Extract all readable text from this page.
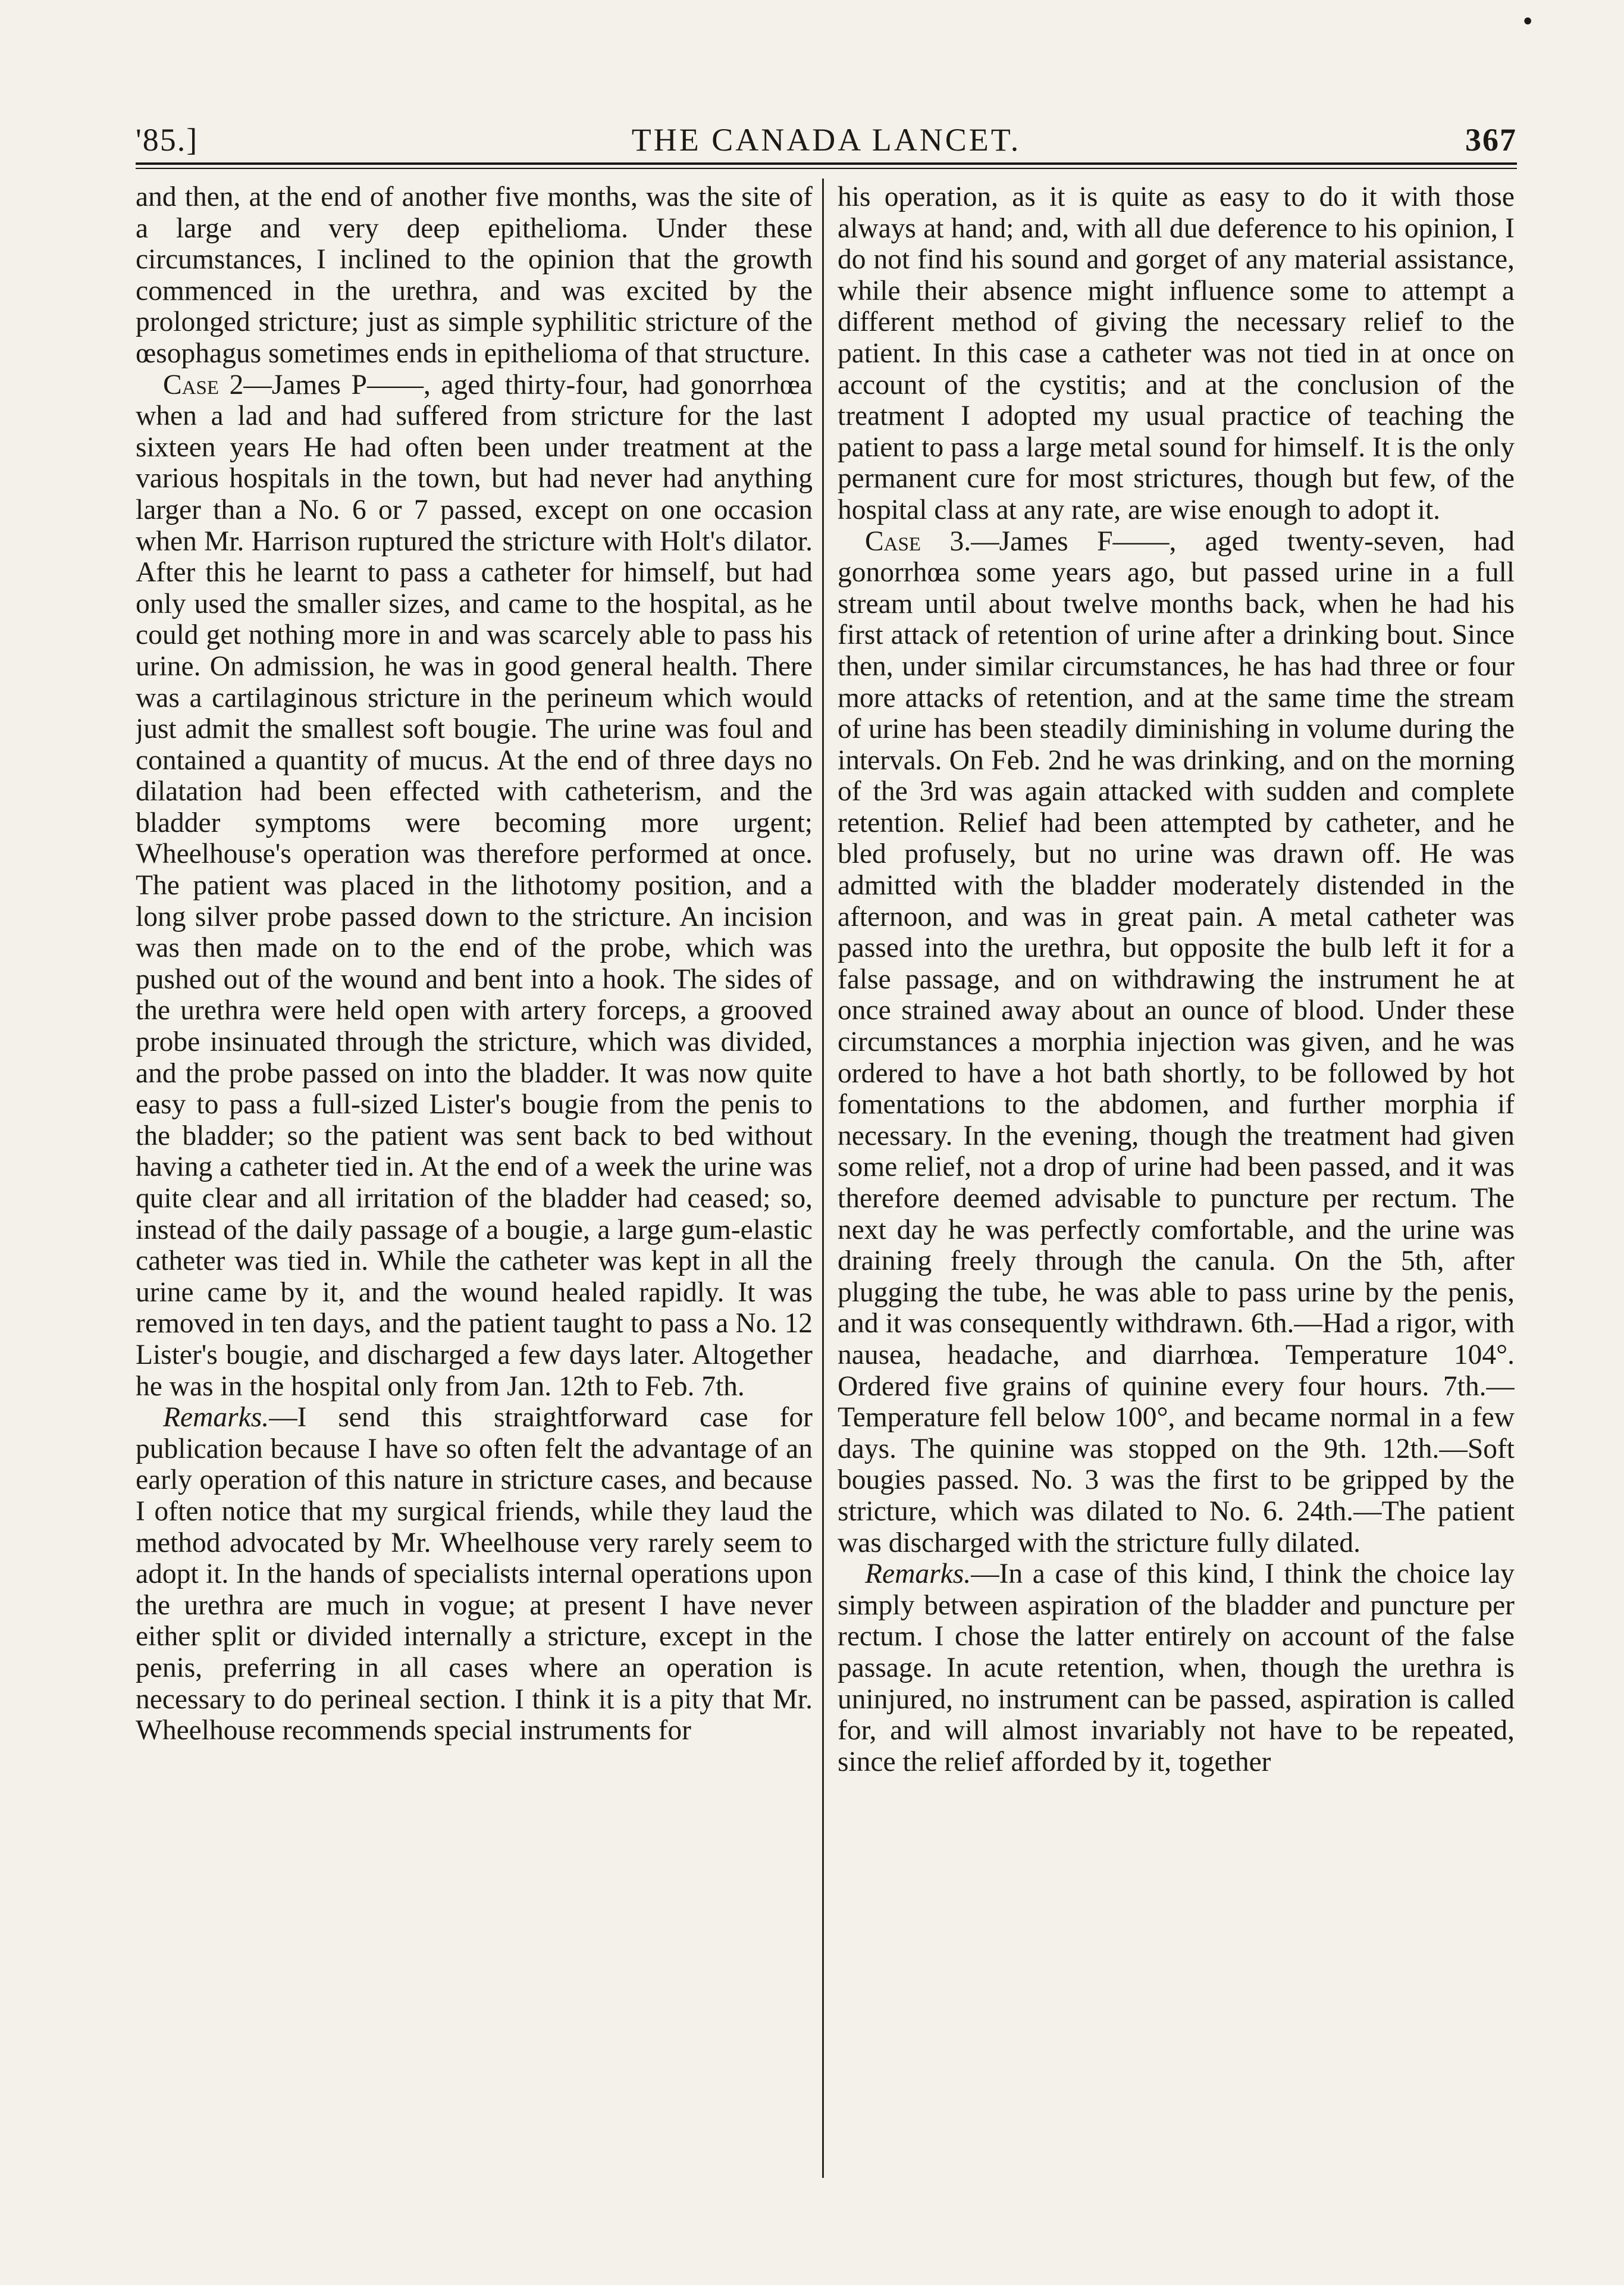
•
'85.]	THE CANADA LANCET.	367

and then, at the end of another five months, was the site of a large and very deep epithelioma. Under these circumstances, I inclined to the opinion that the growth commenced in the urethra, and was excited by the prolonged stricture; just as simple syphilitic stricture of the œsophagus sometimes ends in epithelioma of that structure.

Case 2—James P——, aged thirty-four, had gonorrhœa when a lad and had suffered from stricture for the last sixteen years He had often been under treatment at the various hospitals in the town, but had never had anything larger than a No. 6 or 7 passed, except on one occasion when Mr. Harrison ruptured the stricture with Holt's dilator. After this he learnt to pass a catheter for himself, but had only used the smaller sizes, and came to the hospital, as he could get nothing more in and was scarcely able to pass his urine. On admission, he was in good general health. There was a cartilaginous stricture in the perineum which would just admit the smallest soft bougie. The urine was foul and contained a quantity of mucus. At the end of three days no dilatation had been effected with catheterism, and the bladder symptoms were becoming more urgent; Wheelhouse's operation was therefore performed at once. The patient was placed in the lithotomy position, and a long silver probe passed down to the stricture. An incision was then made on to the end of the probe, which was pushed out of the wound and bent into a hook. The sides of the urethra were held open with artery forceps, a grooved probe insinuated through the stricture, which was divided, and the probe passed on into the bladder. It was now quite easy to pass a full-sized Lister's bougie from the penis to the bladder; so the patient was sent back to bed without having a catheter tied in. At the end of a week the urine was quite clear and all irritation of the bladder had ceased; so, instead of the daily passage of a bougie, a large gum-elastic catheter was tied in. While the catheter was kept in all the urine came by it, and the wound healed rapidly. It was removed in ten days, and the patient taught to pass a No. 12 Lister's bougie, and discharged a few days later. Altogether he was in the hospital only from Jan. 12th to Feb. 7th.

Remarks.—I send this straightforward case for publication because I have so often felt the advantage of an early operation of this nature in stricture cases, and because I often notice that my surgical friends, while they laud the method advocated by Mr. Wheelhouse very rarely seem to adopt it. In the hands of specialists internal operations upon the urethra are much in vogue; at present I have never either split or divided internally a stricture, except in the penis, preferring in all cases where an operation is necessary to do perineal section. I think it is a pity that Mr. Wheelhouse recommends special instruments for

his operation, as it is quite as easy to do it with those always at hand; and, with all due deference to his opinion, I do not find his sound and gorget of any material assistance, while their absence might influence some to attempt a different method of giving the necessary relief to the patient. In this case a catheter was not tied in at once on account of the cystitis; and at the conclusion of the treatment I adopted my usual practice of teaching the patient to pass a large metal sound for himself. It is the only permanent cure for most strictures, though but few, of the hospital class at any rate, are wise enough to adopt it.

Case 3.—James F——, aged twenty-seven, had gonorrhœa some years ago, but passed urine in a full stream until about twelve months back, when he had his first attack of retention of urine after a drinking bout. Since then, under similar circumstances, he has had three or four more attacks of retention, and at the same time the stream of urine has been steadily diminishing in volume during the intervals. On Feb. 2nd he was drinking, and on the morning of the 3rd was again attacked with sudden and complete retention. Relief had been attempted by catheter, and he bled profusely, but no urine was drawn off. He was admitted with the bladder moderately distended in the afternoon, and was in great pain. A metal catheter was passed into the urethra, but opposite the bulb left it for a false passage, and on withdrawing the instrument he at once strained away about an ounce of blood. Under these circumstances a morphia injection was given, and he was ordered to have a hot bath shortly, to be followed by hot fomentations to the abdomen, and further morphia if necessary. In the evening, though the treatment had given some relief, not a drop of urine had been passed, and it was therefore deemed advisable to puncture per rectum. The next day he was perfectly comfortable, and the urine was draining freely through the canula. On the 5th, after plugging the tube, he was able to pass urine by the penis, and it was consequently withdrawn. 6th.—Had a rigor, with nausea, headache, and diarrhœa. Temperature 104°. Ordered five grains of quinine every four hours. 7th.—Temperature fell below 100°, and became normal in a few days. The quinine was stopped on the 9th. 12th.—Soft bougies passed. No. 3 was the first to be gripped by the stricture, which was dilated to No. 6. 24th.—The patient was discharged with the stricture fully dilated.

Remarks.—In a case of this kind, I think the choice lay simply between aspiration of the bladder and puncture per rectum. I chose the latter entirely on account of the false passage. In acute retention, when, though the urethra is uninjured, no instrument can be passed, aspiration is called for, and will almost invariably not have to be repeated, since the relief afforded by it, together
